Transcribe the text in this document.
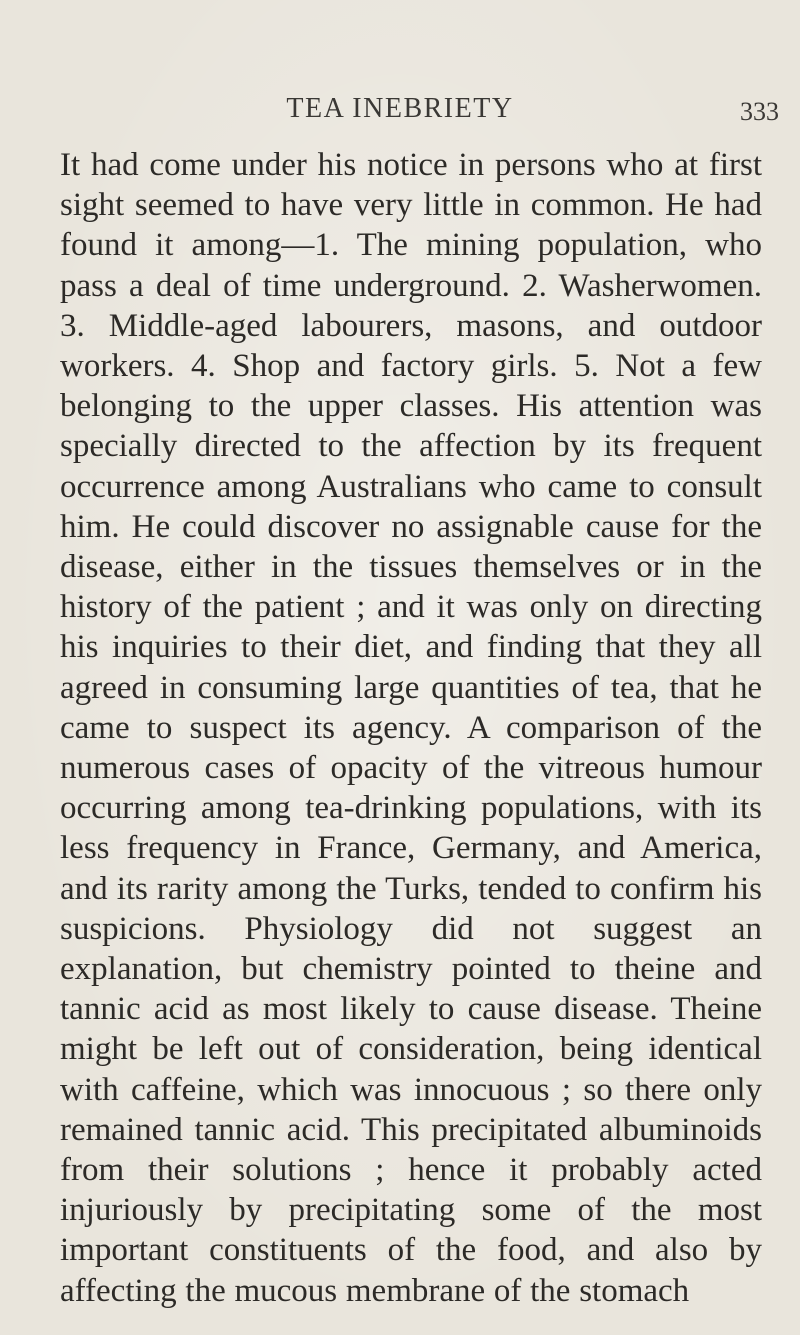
TEA INEBRIETY	333

It had come under his notice in persons who at first sight seemed to have very little in common. He had found it among—1. The mining population, who pass a deal of time underground. 2. Washerwomen. 3. Middle-aged labourers, masons, and outdoor workers. 4. Shop and factory girls. 5. Not a few belonging to the upper classes. His attention was specially directed to the affection by its frequent occurrence among Australians who came to consult him. He could discover no assignable cause for the disease, either in the tissues themselves or in the history of the patient ; and it was only on directing his inquiries to their diet, and finding that they all agreed in consuming large quantities of tea, that he came to suspect its agency. A comparison of the numerous cases of opacity of the vitreous humour occurring among tea-drinking populations, with its less frequency in France, Germany, and America, and its rarity among the Turks, tended to confirm his suspicions. Physiology did not suggest an explanation, but chemistry pointed to theine and tannic acid as most likely to cause disease. Theine might be left out of consideration, being identical with caffeine, which was innocuous ; so there only remained tannic acid. This precipitated albuminoids from their solutions ; hence it probably acted injuriously by precipitating some of the most important constituents of the food, and also by affecting the mucous membrane of the stomach
